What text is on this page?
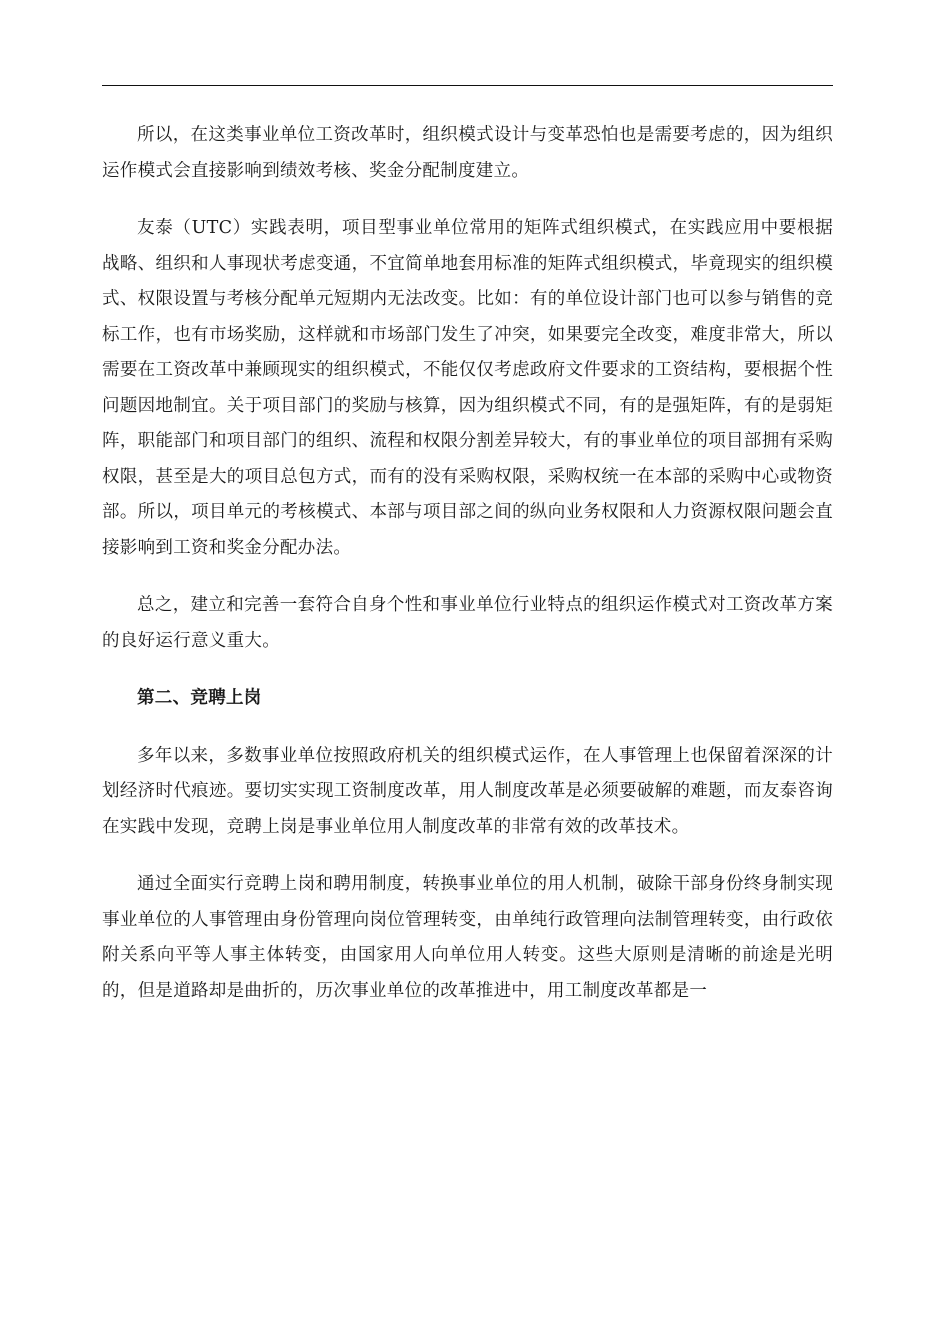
所以，在这类事业单位工资改革时，组织模式设计与变革恐怕也是需要考虑的，因为组织运作模式会直接影响到绩效考核、奖金分配制度建立。

友泰（UTC）实践表明，项目型事业单位常用的矩阵式组织模式，在实践应用中要根据战略、组织和人事现状考虑变通，不宜简单地套用标准的矩阵式组织模式，毕竟现实的组织模式、权限设置与考核分配单元短期内无法改变。比如：有的单位设计部门也可以参与销售的竞标工作，也有市场奖励，这样就和市场部门发生了冲突，如果要完全改变，难度非常大，所以需要在工资改革中兼顾现实的组织模式，不能仅仅考虑政府文件要求的工资结构，要根据个性问题因地制宜。关于项目部门的奖励与核算，因为组织模式不同，有的是强矩阵，有的是弱矩阵，职能部门和项目部门的组织、流程和权限分割差异较大，有的事业单位的项目部拥有采购权限，甚至是大的项目总包方式，而有的没有采购权限，采购权统一在本部的采购中心或物资部。所以，项目单元的考核模式、本部与项目部之间的纵向业务权限和人力资源权限问题会直接影响到工资和奖金分配办法。

总之，建立和完善一套符合自身个性和事业单位行业特点的组织运作模式对工资改革方案的良好运行意义重大。

第二、竞聘上岗

多年以来，多数事业单位按照政府机关的组织模式运作，在人事管理上也保留着深深的计划经济时代痕迹。要切实实现工资制度改革，用人制度改革是必须要破解的难题，而友泰咨询在实践中发现，竞聘上岗是事业单位用人制度改革的非常有效的改革技术。

通过全面实行竞聘上岗和聘用制度，转换事业单位的用人机制，破除干部身份终身制实现事业单位的人事管理由身份管理向岗位管理转变，由单纯行政管理向法制管理转变，由行政依附关系向平等人事主体转变，由国家用人向单位用人转变。这些大原则是清晰的前途是光明的，但是道路却是曲折的，历次事业单位的改革推进中，用工制度改革都是一
